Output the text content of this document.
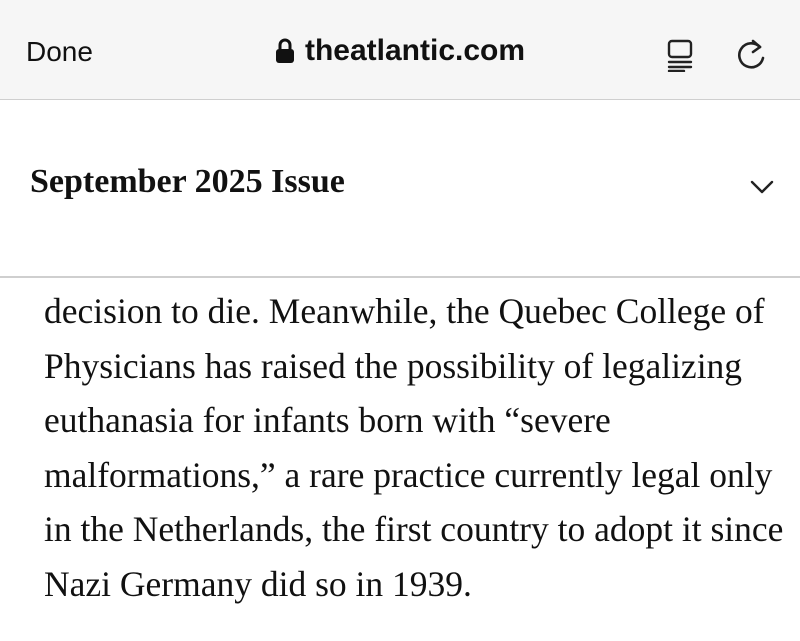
Done	theatlantic.com
September 2025 Issue

decision to die. Meanwhile, the Quebec College of Physicians has raised the possibility of legalizing euthanasia for infants born with “severe malformations,” a rare practice currently legal only in the Netherlands, the first country to adopt it since Nazi Germany did so in 1939.
